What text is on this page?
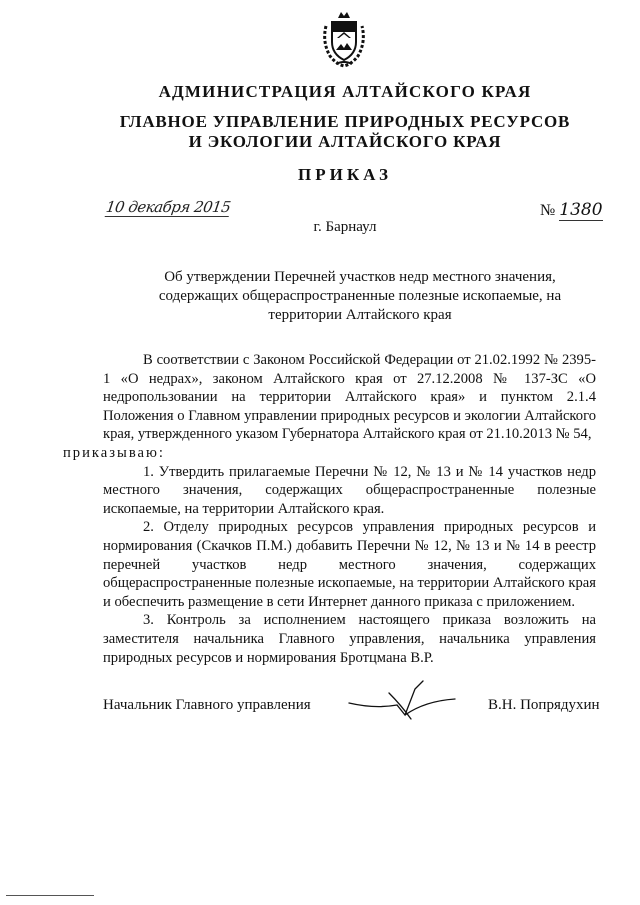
АДМИНИСТРАЦИЯ АЛТАЙСКОГО КРАЯ
ГЛАВНОЕ УПРАВЛЕНИЕ ПРИРОДНЫХ РЕСУРСОВ
И ЭКОЛОГИИ АЛТАЙСКОГО КРАЯ
ПРИКАЗ
10 декабря 2015	№ 1380
г. Барнаул
Об утверждении Перечней участков недр местного значения, содержащих общераспространенные полезные ископаемые, на территории Алтайского края

В соответствии с Законом Российской Федерации от 21.02.1992 № 2395-1 «О недрах», законом Алтайского края от 27.12.2008 № 137-ЗС «О недропользовании на территории Алтайского края» и пунктом 2.1.4 Положения о Главном управлении природных ресурсов и экологии Алтайского края, утвержденного указом Губернатора Алтайского края от 21.10.2013 № 54,
приказываю:

1. Утвердить прилагаемые Перечни № 12, № 13 и № 14 участков недр местного значения, содержащих общераспространенные полезные ископаемые, на территории Алтайского края.

2. Отделу природных ресурсов управления природных ресурсов и нормирования (Скачков П.М.) добавить Перечни № 12, № 13 и № 14 в реестр перечней участков недр местного значения, содержащих общераспространенные полезные ископаемые, на территории Алтайского края и обеспечить размещение в сети Интернет данного приказа с приложением.

3. Контроль за исполнением настоящего приказа возложить на заместителя начальника Главного управления, начальника управления природных ресурсов и нормирования Бротцмана В.Р.

Начальник Главного управления	В.Н. Попрядухин
